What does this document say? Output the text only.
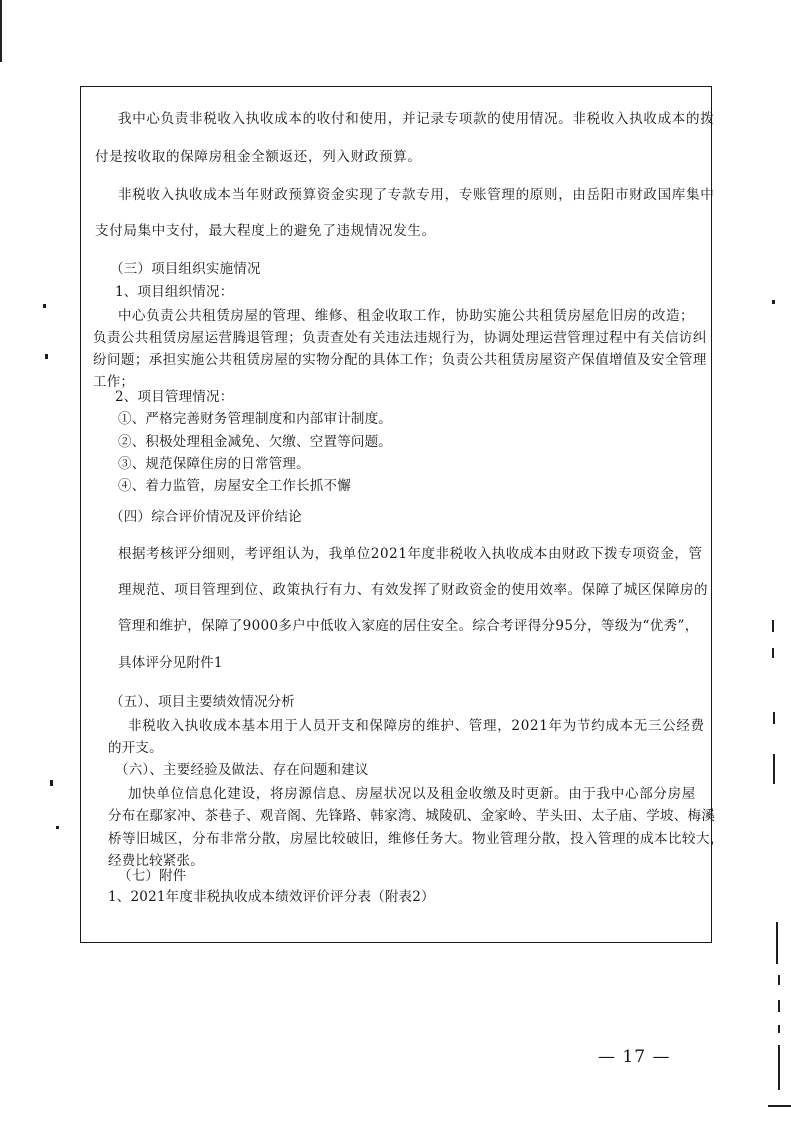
我中心负责非税收入执收成本的收付和使用，并记录专项款的使用情况。非税收入执收成本的拨
付是按收取的保障房租金全额返还，列入财政预算。
非税收入执收成本当年财政预算资金实现了专款专用，专账管理的原则，由岳阳市财政国库集中
支付局集中支付，最大程度上的避免了违规情况发生。
（三）项目组织实施情况
1、项目组织情况：
中心负责公共租赁房屋的管理、维修、租金收取工作，协助实施公共租赁房屋危旧房的改造；
负责公共租赁房屋运营腾退管理；负责查处有关违法违规行为，协调处理运营管理过程中有关信访纠
纷问题；承担实施公共租赁房屋的实物分配的具体工作；负责公共租赁房屋资产保值增值及安全管理
工作；
2、项目管理情况：
①、严格完善财务管理制度和内部审计制度。
②、积极处理租金减免、欠缴、空置等问题。
③、规范保障住房的日常管理。
④、着力监管，房屋安全工作长抓不懈
（四）综合评价情况及评价结论
根据考核评分细则，考评组认为，我单位2021年度非税收入执收成本由财政下拨专项资金，管
理规范、项目管理到位、政策执行有力、有效发挥了财政资金的使用效率。保障了城区保障房的
管理和维护，保障了9000多户中低收入家庭的居住安全。综合考评得分95分，等级为“优秀”，
具体评分见附件1
（五）、项目主要绩效情况分析
非税收入执收成本基本用于人员开支和保障房的维护、管理，2021年为节约成本无三公经费
的开支。
（六）、主要经验及做法、存在问题和建议
加快单位信息化建设，将房源信息、房屋状况以及租金收缴及时更新。由于我中心部分房屋
分布在鄢家冲、茶巷子、观音阁、先锋路、韩家湾、城陵矶、金家岭、芋头田、太子庙、学坡、梅溪
桥等旧城区，分布非常分散，房屋比较破旧，维修任务大。物业管理分散，投入管理的成本比较大，
经费比较紧张。
（七）附件
1、2021年度非税执收成本绩效评价评分表（附表2）
— 17 —
